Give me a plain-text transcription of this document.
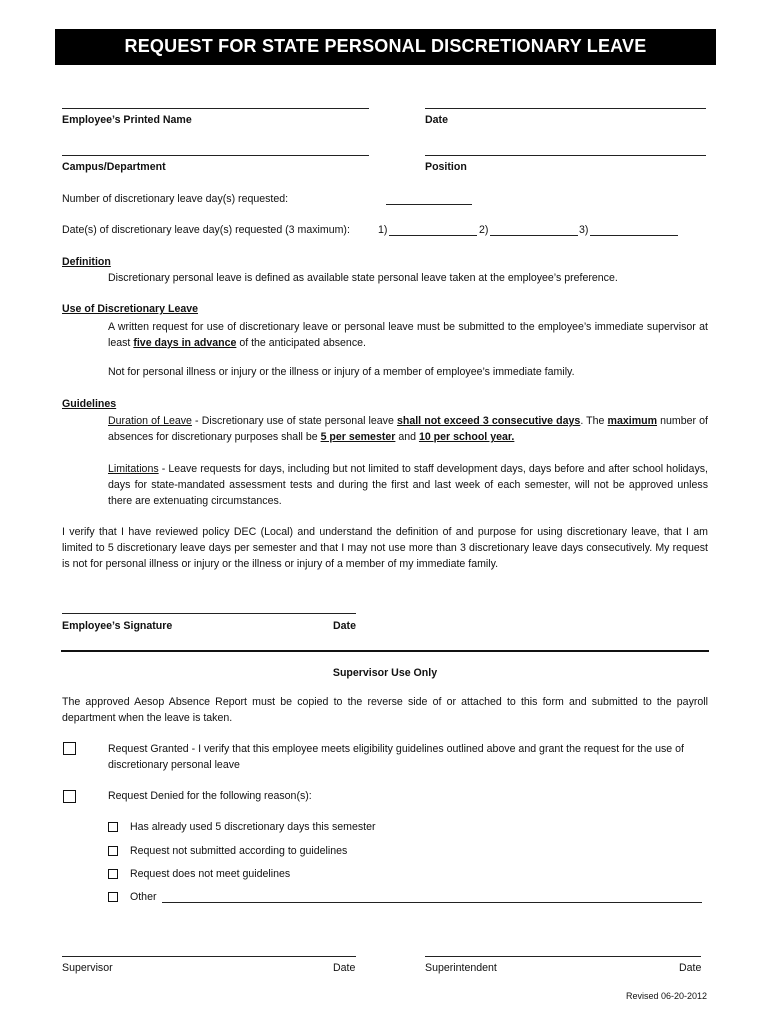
REQUEST FOR STATE PERSONAL DISCRETIONARY LEAVE
Employee’s Printed Name	Date
Campus/Department	Position
Number of discretionary leave day(s) requested:
Date(s) of discretionary leave day(s) requested (3 maximum):	1)	2)	3)
Definition
Discretionary personal leave is defined as available state personal leave taken at the employee’s preference.
Use of Discretionary Leave
A written request for use of discretionary leave or personal leave must be submitted to the employee’s immediate supervisor at least five days in advance of the anticipated absence.
Not for personal illness or injury or the illness or injury of a member of employee’s immediate family.
Guidelines
Duration of Leave - Discretionary use of state personal leave shall not exceed 3 consecutive days. The maximum number of absences for discretionary purposes shall be 5 per semester and 10 per school year.
Limitations - Leave requests for days, including but not limited to staff development days, days before and after school holidays, days for state-mandated assessment tests and during the first and last week of each semester, will not be approved unless there are extenuating circumstances.
I verify that I have reviewed policy DEC (Local) and understand the definition of and purpose for using discretionary leave, that I am limited to 5 discretionary leave days per semester and that I may not use more than 3 discretionary leave days consecutively. My request is not for personal illness or injury or the illness or injury of a member of my immediate family.
Employee’s Signature	Date
Supervisor Use Only
The approved Aesop Absence Report must be copied to the reverse side of or attached to this form and submitted to the payroll department when the leave is taken.
Request Granted - I verify that this employee meets eligibility guidelines outlined above and grant the request for the use of discretionary personal leave
Request Denied for the following reason(s):
Has already used 5 discretionary days this semester
Request not submitted according to guidelines
Request does not meet guidelines
Other
Supervisor	Date	Superintendent	Date
Revised 06-20-2012
